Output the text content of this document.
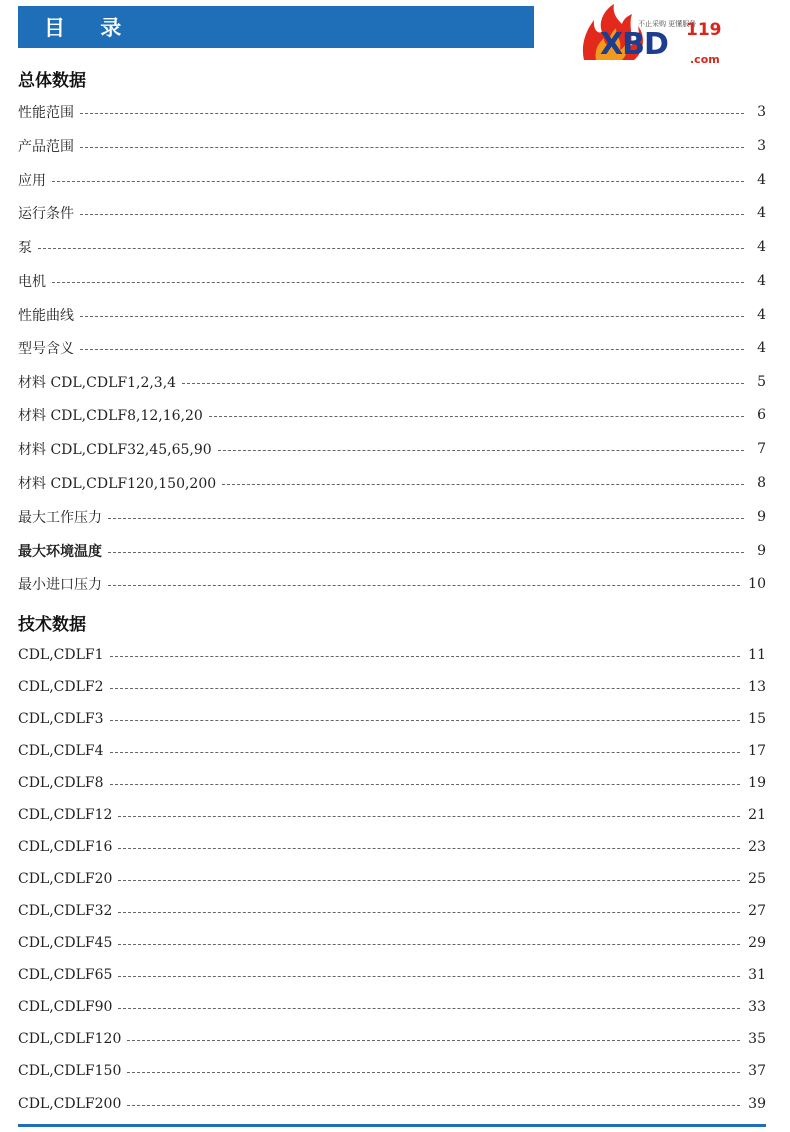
目 录	不止采购 更懂服务
XBD 119
.com
总体数据
性能范围	3
产品范围	3
应用	4
运行条件	4
泵	4
电机	4
性能曲线	4
型号含义	4
材料 CDL,CDLF1,2,3,4	5
材料 CDL,CDLF8,12,16,20	6
材料 CDL,CDLF32,45,65,90	7
材料 CDL,CDLF120,150,200	8
最大工作压力	9
最大环境温度	9
最小进口压力	10
技术数据
CDL,CDLF1	11
CDL,CDLF2	13
CDL,CDLF3	15
CDL,CDLF4	17
CDL,CDLF8	19
CDL,CDLF12	21
CDL,CDLF16	23
CDL,CDLF20	25
CDL,CDLF32	27
CDL,CDLF45	29
CDL,CDLF65	31
CDL,CDLF90	33
CDL,CDLF120	35
CDL,CDLF150	37
CDL,CDLF200	39
